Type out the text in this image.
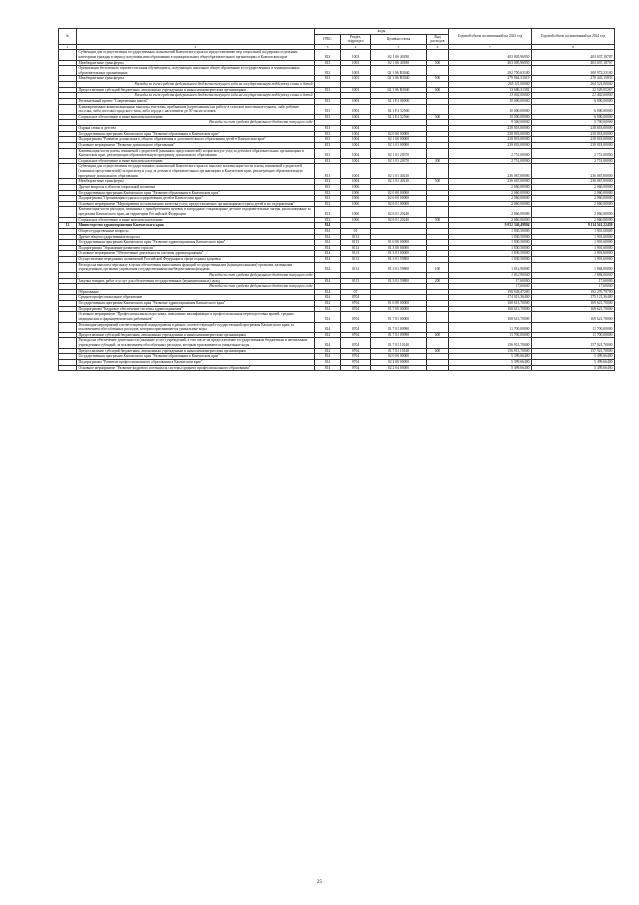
№		коды				Годовой объем ассигнований на 2023 год	Годовой объем ассигнований на 2024 год
		ГРБС	Раздел, подраздел	Целевая статья	Вид расходов		
1	2	3	4	5	6	7	8
	Субвенции для осуществления государственных полномочий Камчатского края по предоставлению мер социальной поддержки отдельным категориям граждан в период получения ими образования в муниципальных общеобразовательных организациях в Камчатском крае	813	1003	02 1 06 40180		403 005,96950	403 037,18707
	Межбюджетные трансферты	813	1003	02 1 06 40180	500	403 005,96950	403 037,18707
	Организация бесплатного горячего питания обучающихся, получающих начальное общее образование в государственных и муниципальных образовательных организациях	813	1003	02 1 06 R3040		292 750,63100	300 972,23100
	Межбюджетные трансферты	813	1003	02 1 06 R3040	500	279 064,31619	278 443,15833
	Расходы за счет средств федерального бюджета текущего года на государственную поддержку семьи и детей					265 111,00000	264 521,00000
	Предоставление субсидий бюджетным, автономным учреждениям и иным некоммерческим организациям	813	1003	02 1 06 R3040	600	13 686,31381	22 529,05267
	Расходы за счет средств федерального бюджета текущего года на государственную поддержку семьи и детей					13 002,00000	21 402,60000
	Региональный проект "Современная школа"	813	1003	02 1 Е1 00000		10 000,00000	6 000,00000
	Единовременные компенсационные выплаты учителям, прибывшим (переехавшим) на работу в сельские населенные пункты, либо рабочие поселки, либо поселки городского типа, либо города с населением до 50 тысяч человек	813	1003	02 1 Е1 52560		10 000,00000	6 000,00000
	Социальное обеспечение и иные выплаты населению	813	1003	02 1 Е1 52560	300	10 000,00000	6 000,00000
	Расходы за счет средств федерального бюджета текущего года					9 500,00000	5 700,00000
	Охрана семьи и детства	813	1004			238 818,00000	238 818,00000
	Государственная программа Камчатского края "Развитие образования в Камчатском крае"	813	1004	02 0 00 00000		238 818,00000	238 818,00000
	Подпрограмма "Развитие дошкольного, общего образования и дополнительного образования детей в Камчатском крае"	813	1004	02 1 00 00000		238 818,00000	238 818,00000
	Основное мероприятие "Развитие дошкольного образования"	813	1004	02 1 01 00000		238 818,00000	238 818,00000
	Компенсация части платы, взимаемой с родителей (законных представителей) за присмотр и уход за детьми в образовательных организациях в Камчатском крае, реализующих образовательную программу дошкольного образования	813	1004	02 1 01 20370		2 751,00000	2 751,00000
	Социальное обеспечение и иные выплаты населению	813	1004	02 1 01 20370	300	2 751,00000	2 751,00000
	Субвенции для осуществления государственных полномочий Камчатского края по выплате компенсации части платы, взимаемой с родителей (законных представителей) за присмотр и уход за детьми в образовательных организациях в Камчатском крае, реализующих образовательную программу дошкольного образования	813	1004	02 1 01 40210		236 067,00000	236 067,00000
	Межбюджетные трансферты	813	1004	02 1 01 40210	500	236 067,00000	236 067,00000
	Другие вопросы в области социальной политики	813	1006			2 060,00000	2 060,00000
	Государственная программа Камчатского края "Развитие образования в Камчатском крае"	813	1006	02 0 00 00000		2 060,00000	2 060,00000
	Подпрограмма "Организация отдыха и оздоровления детей в Камчатском крае"	813	1006	02 6 00 00000		2 060,00000	2 060,00000
	Основное мероприятие "Мероприятия по повышению качества услуг, предоставляемых организациями отдыха детей и их оздоровления"	813	1006	02 6 01 00000		2 060,00000	2 060,00000
	Компенсация части расходов, связанных с приобретением путевок в загородные стационарные детские оздоровительные лагеря, расположенные за пределами Камчатского края, на территории Российской Федерации	813	1006	02 6 01 20240		2 060,00000	2 060,00000
	Социальное обеспечение и иные выплаты населению	813	1006	02 6 01 20240	300	2 060,00000	2 060,00000
12	Министерство здравоохранения Камчатского края	814				9 032 346,49804	9 114 541,22459
	Общегосударственные вопросы	814	01			1 830,50000	1 901,60000
	Другие общегосударственные вопросы	814	0113			1 830,50000	1 901,60000
	Государственная программа Камчатского края "Развитие здравоохранения Камчатского края"	814	0113	01 0 00 00000		1 830,50000	1 901,60000
	Подпрограмма "Управление развитием отрасли"	814	0113	01 3 00 00000		1 830,50000	1 901,60000
	Основное мероприятие "Обеспечение деятельности системы здравоохранения"	814	0113	01 3 01 00000		1 830,50000	1 901,60000
	Осуществление переданных полномочий Российской Федерации в сфере охраны здоровья	814	0113	01 3 01 59800		1 830,50000	1 901,60000
	Расходы на выплаты персоналу в целях обеспечения выполнения функций государственными (муниципальными) органами, казенными учреждениями, органами управления государственными внебюджетными фондами	814	0113	01 3 01 59800	100	1 812,90000	1 884,00000
	Расходы за счет средств федерального бюджета текущего года					1 812,90000	1 884,00000
	Закупка товаров, работ и услуг для обеспечения государственных (муниципальных) нужд	814	0113	01 3 01 59800	200	17,60000	17,60000
	Расходы за счет средств федерального бюджета текущего года					17,60000	17,60000
	Образование	814	07			190 928,47200	192 270,79700
	Среднее профессиональное образование	814	0704			174 013,36400	175 121,36400
	Государственная программа Камчатского края "Развитие здравоохранения Камчатского края"	814	0704	01 0 00 00000		168 613,70000	169 621,70000
	Подпрограмма "Кадровое обеспечение системы здравоохранения"	814	0704	01 7 00 00000		168 613,70000	169 621,70000
	Основное мероприятие "Профессиональная подготовка, повышение квалификации и профессиональная переподготовка врачей, средних медицинских и фармацевтических работников"	814	0704	01 7 01 00000		168 613,70000	169 621,70000
	Реализация мероприятий соответствующей подпрограммы в рамках соответствующей государственной программы Камчатского края, за исключением обособленных расходов, которым присваиваются уникальные коды	814	0704	01 7 01 09990		11 700,00000	11 700,00000
	Предоставление субсидий бюджетным, автономным учреждениям и иным некоммерческим организациям	814	0704	01 7 01 09990	600	11 700,00000	11 700,00000
	Расходы на обеспечение деятельности (оказание услуг) учреждений, в том числе на предоставление государственным бюджетным и автономным учреждениям субсидий, за исключением обособленных расходов, которым присваиваются уникальные коды	814	0704	01 7 01 10140		156 913,70000	157 921,70000
	Предоставление субсидий бюджетным, автономным учреждениям и иным некоммерческим организациям	814	0704	01 7 01 10140	600	156 913,70000	157 921,70000
	Государственная программа Камчатского края "Развитие образования в Камчатском крае"	814	0704	02 0 00 00000		5 399,66400	5 499,66400
	Подпрограмма "Развитие профессионального образования в Камчатском крае"	814	0704	02 2 00 00000		5 399,66400	5 499,66400
	Основное мероприятие "Развитие кадрового потенциала системы среднего профессионального образования"	814	0704	02 2 04 00000		5 399,66400	5 499,66400
25
